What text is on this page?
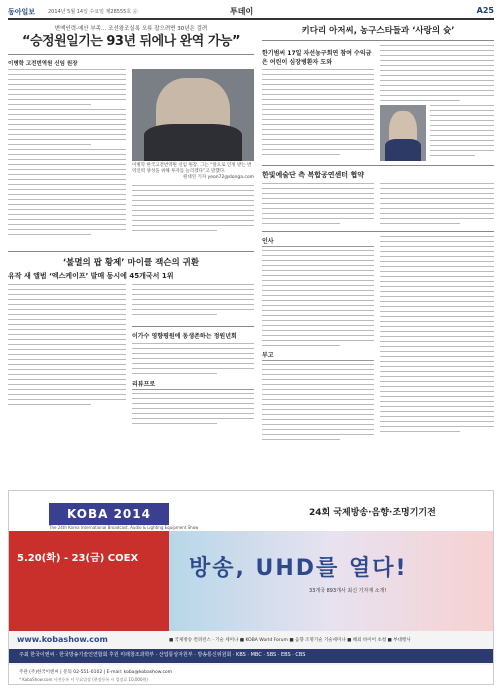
동아일보	2014년 5월 14일 수요일 제28555호 ㉭	투데이	A25
변액인력-예산 부족… 조선왕조실록 오류 잡으려면 30년은 걸려
“승정원일기는 93년 뒤에나 완역 가능”
이병학 고전번역원 신임 원장
이병학 한국고전번역원 신임 원장. 그는 “앞으로 인정 받는 번역인력 양성을 위해 투자를 늘리겠다”고 말했다.
원대연 기자 yeon72@donga.com
‘불멸의 팝 황제’ 마이클 잭슨의 귀환
유작 새 앨범 ‘엑스케이프’ 발매 동시에 45개국서 1위
이가수 영향평원에 동생존하는 정원년회
리뷰프로
키다리 아저씨, 농구스타들과 ‘사랑의 슛’
한기범씨 17일 자선농구회연 참여 수익금은 어린이 심장병환자 도와
한빛예술단 측 복합공연센터 협약
인사
부고
KOBA 2014
The 24th Korea International Broadcast, Audio & Lighting Equipment Show
24회 국제방송·음향·조명기기전
5.20(화) - 23(금) COEX 방송, UHD를 열다!
33개국 893개사 최신 기자재 소개!
www.kobashow.com	■ 국제방송 컨퍼런스 · 기술 세미나 ■ KOBA World Forum ■ 음향 조명기술 기술세미나 ■ 해외 바이어 초청 ■ 부대행사
주최 한국이엔씨 · 한국방송기술인연합회 후원 미래창조과학부 · 산업통상자원부 · 방송통신위원회 · KBS · MBC · SBS · EBS · CBS
주관 (주)한국이엔씨 | 문의 02-551-0102 | E-mail: koba@kobashow.com
* KobaShow.com 사전등록 시 무료입장 (현장등록 시 입장료 10,000원)
